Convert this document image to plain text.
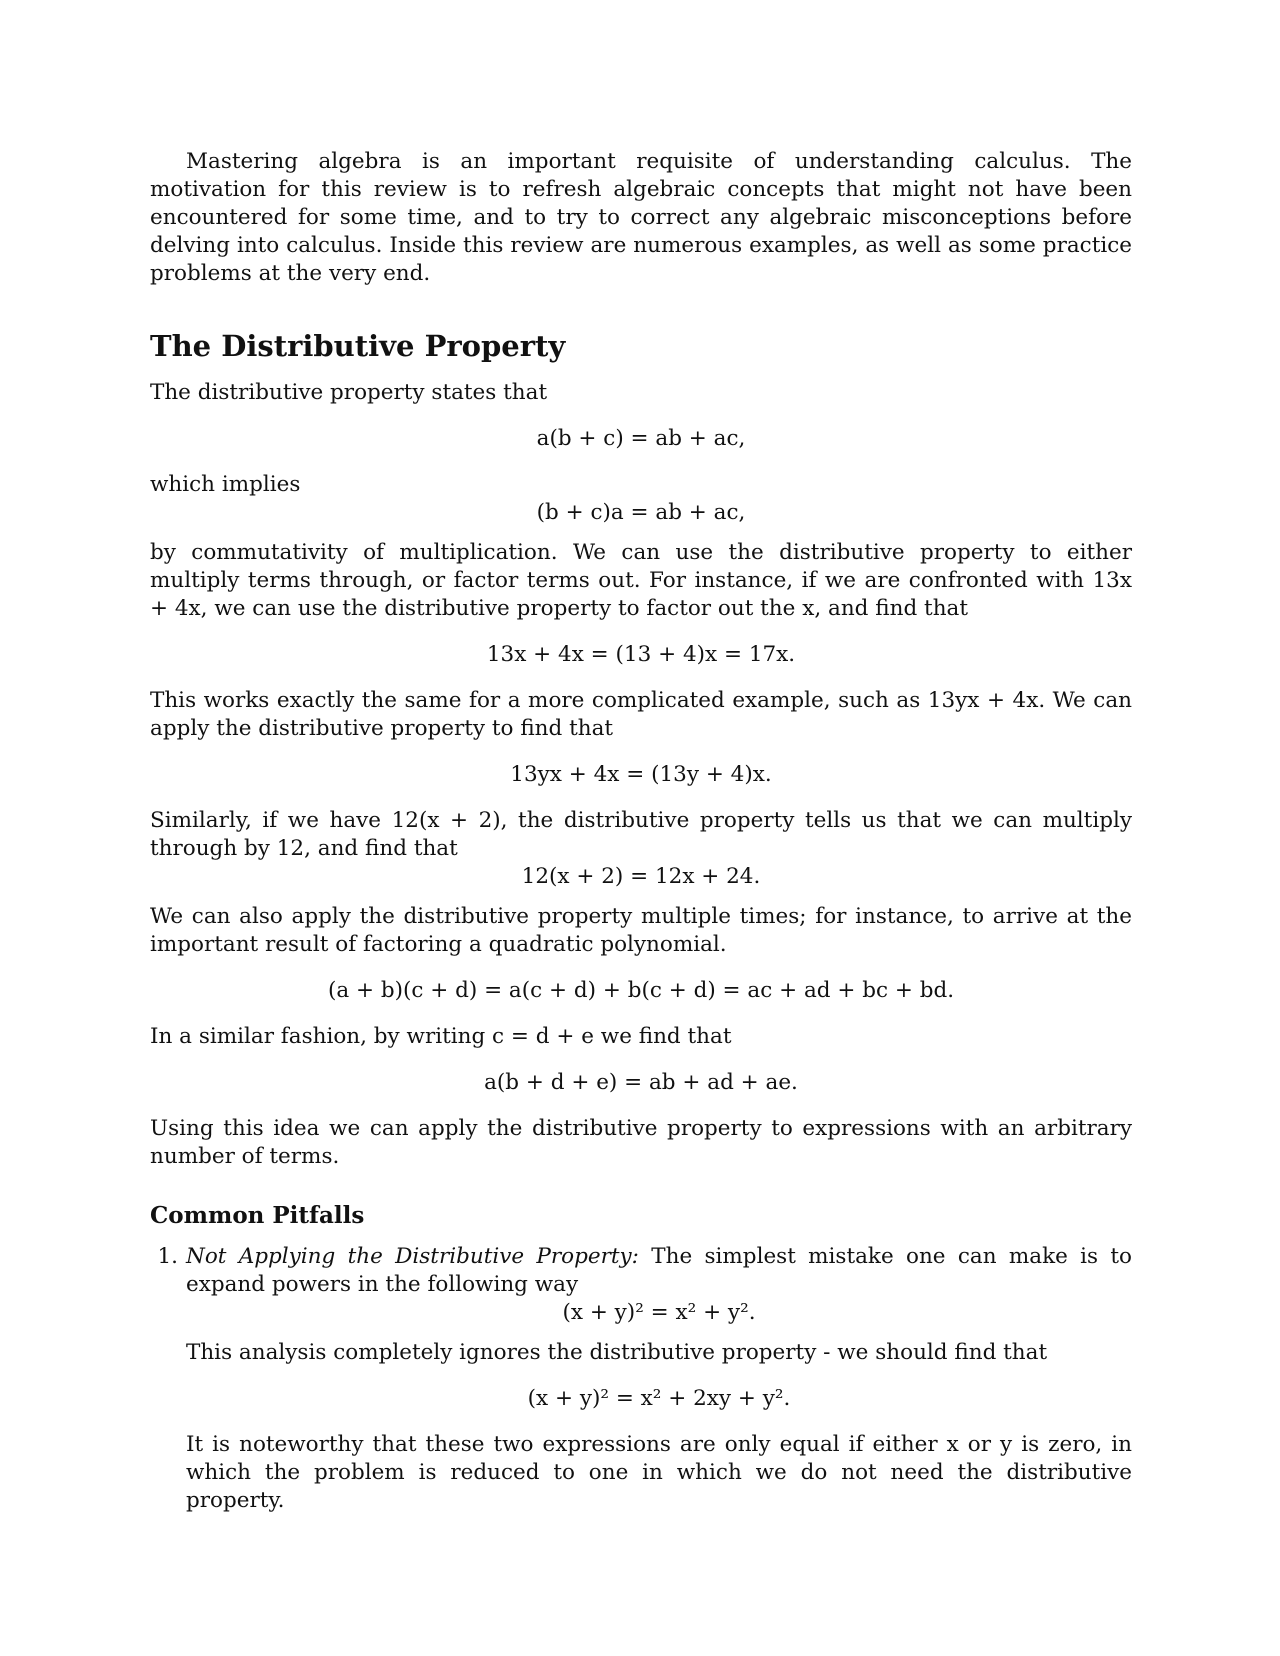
Mastering algebra is an important requisite of understanding calculus. The motivation for this review is to refresh algebraic concepts that might not have been encountered for some time, and to try to correct any algebraic misconceptions before delving into calculus. Inside this review are numerous examples, as well as some practice problems at the very end.

The Distributive Property

The distributive property states that

a(b + c) = ab + ac,

which implies

(b + c)a = ab + ac,

by commutativity of multiplication. We can use the distributive property to either multiply terms through, or factor terms out. For instance, if we are confronted with 13x + 4x, we can use the distributive property to factor out the x, and find that

13x + 4x = (13 + 4)x = 17x.

This works exactly the same for a more complicated example, such as 13yx + 4x. We can apply the distributive property to find that

13yx + 4x = (13y + 4)x.

Similarly, if we have 12(x + 2), the distributive property tells us that we can multiply through by 12, and find that

12(x + 2) = 12x + 24.

We can also apply the distributive property multiple times; for instance, to arrive at the important result of factoring a quadratic polynomial.

(a + b)(c + d) = a(c + d) + b(c + d) = ac + ad + bc + bd.

In a similar fashion, by writing c = d + e we find that

a(b + d + e) = ab + ad + ae.

Using this idea we can apply the distributive property to expressions with an arbitrary number of terms.

Common Pitfalls
1. Not Applying the Distributive Property: The simplest mistake one can make is to expand powers in the following way

(x + y)² = x² + y².

This analysis completely ignores the distributive property - we should find that

(x + y)² = x² + 2xy + y².

It is noteworthy that these two expressions are only equal if either x or y is zero, in which the problem is reduced to one in which we do not need the distributive property.
